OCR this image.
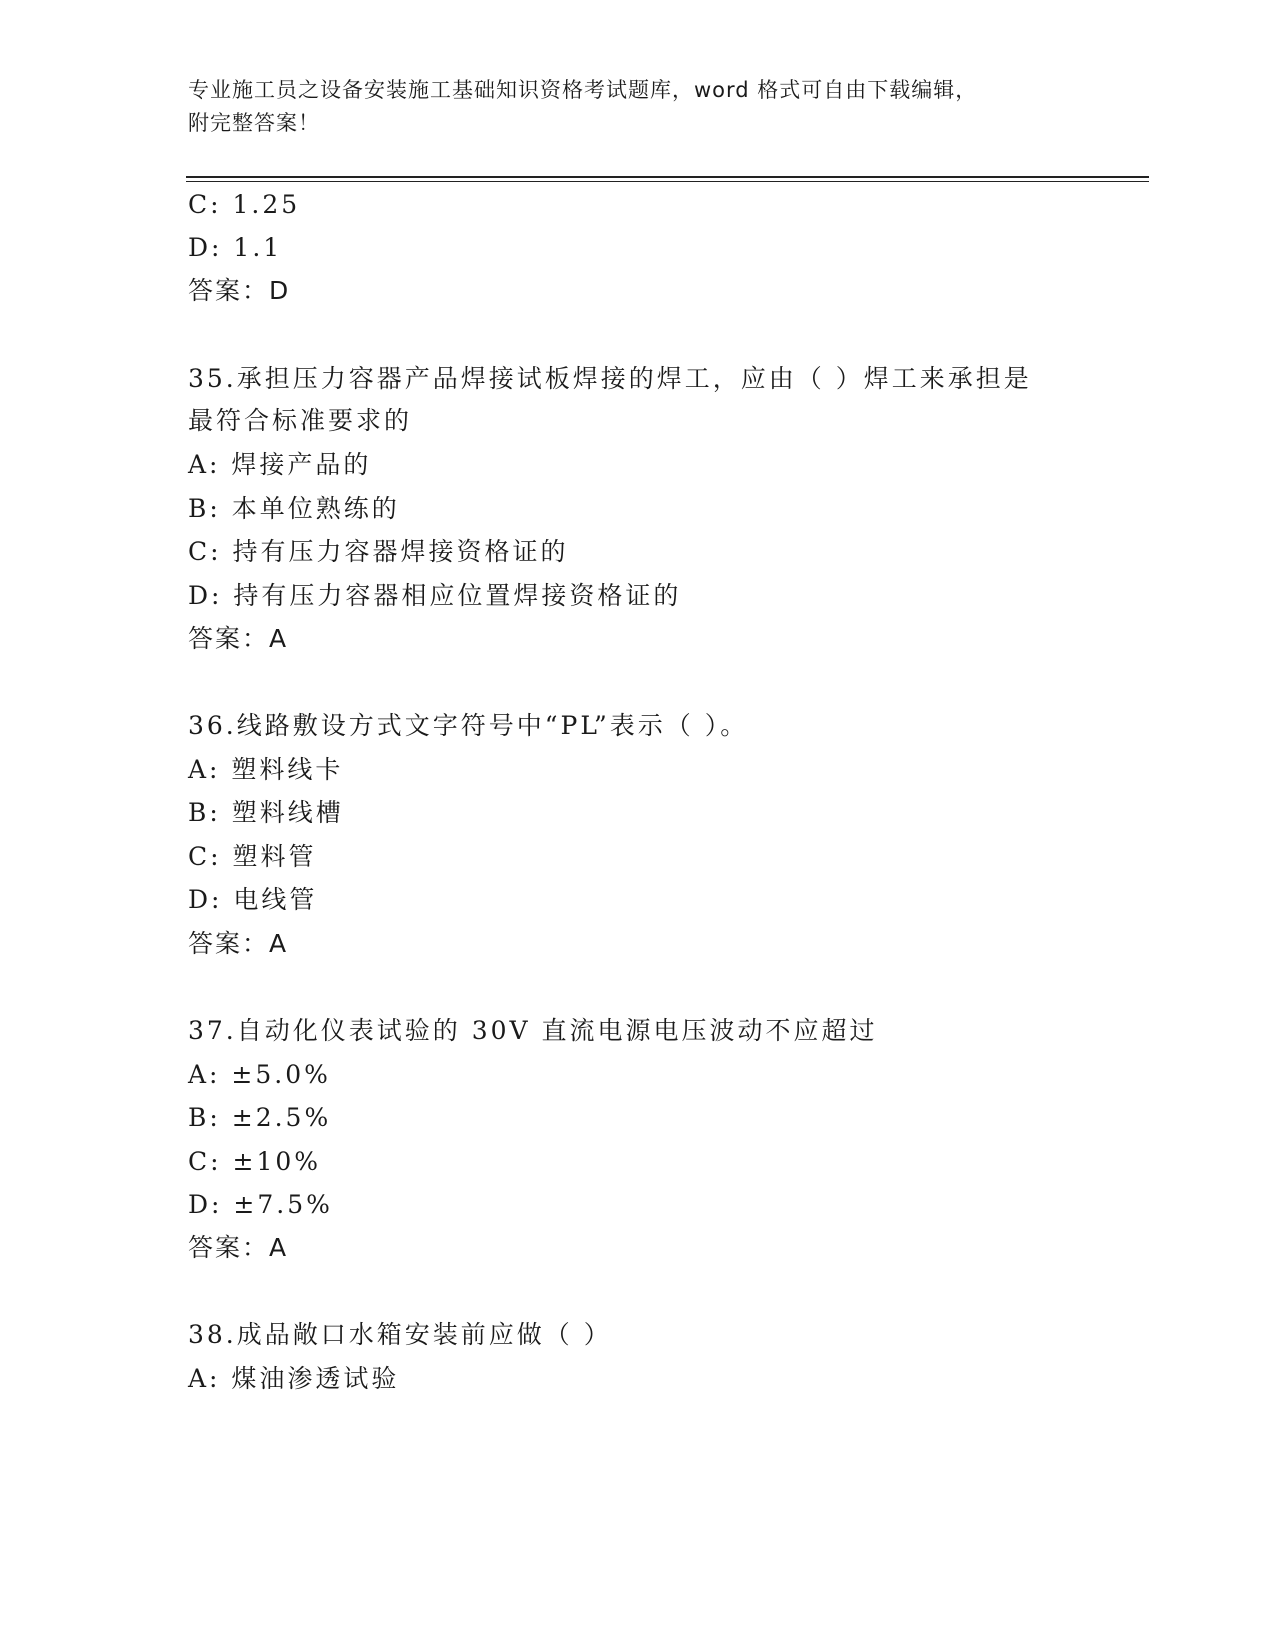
专业施工员之设备安装施工基础知识资格考试题库，word 格式可自由下载编辑，
附完整答案！
C: 1.25
D: 1.1
答案：D
35.承担压力容器产品焊接试板焊接的焊工，应由（ ）焊工来承担是
最符合标准要求的
A: 焊接产品的
B: 本单位熟练的
C: 持有压力容器焊接资格证的
D: 持有压力容器相应位置焊接资格证的
答案：A
36.线路敷设方式文字符号中“PL”表示（ ）。
A: 塑料线卡
B: 塑料线槽
C: 塑料管
D: 电线管
答案：A
37.自动化仪表试验的 30V 直流电源电压波动不应超过
A: ±5.0%
B: ±2.5%
C: ±10%
D: ±7.5%
答案：A
38.成品敞口水箱安装前应做（ ）
A: 煤油渗透试验
